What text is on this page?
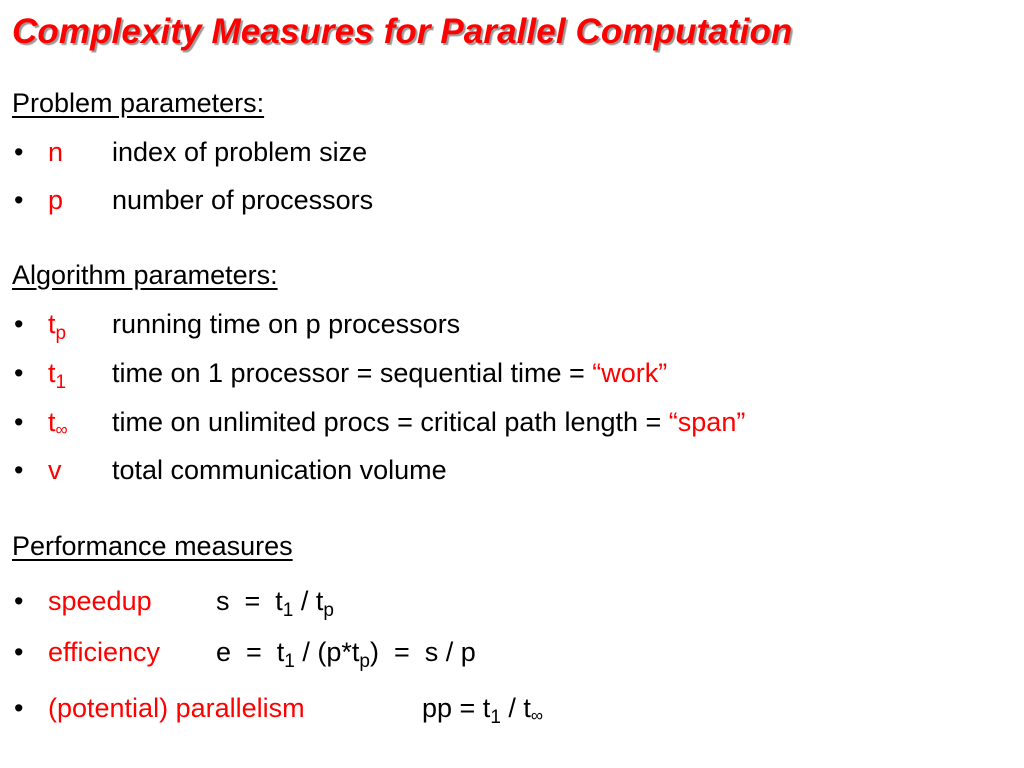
Complexity Measures for Parallel Computation
Problem parameters:
• n index of problem size
• p number of processors
Algorithm parameters:
• $t_p$ running time on p processors
• $t_1$ time on 1 processor = sequential time = “work”
• $t_\infty$ time on unlimited procs = critical path length = “span”
• v total communication volume
Performance measures
• speedup $s = t_1 / t_p$
• efficiency $e = t_1 / (p*t_p) = s / p$
• (potential) parallelism	pp = $t_1 / t_\infty$
